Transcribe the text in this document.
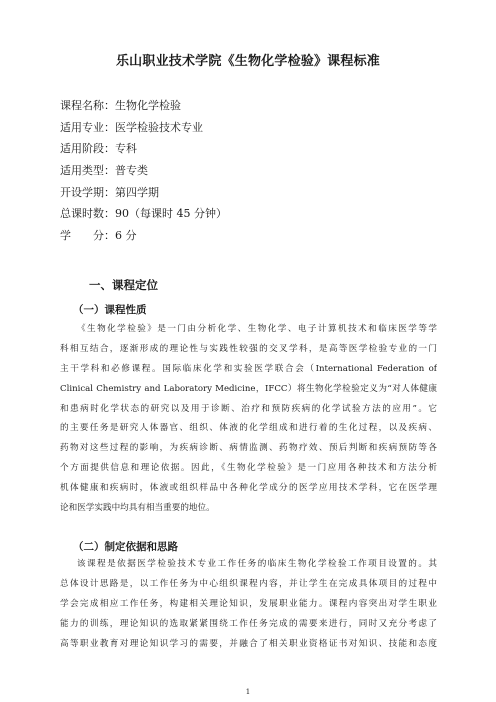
乐山职业技术学院《生物化学检验》课程标准
课程名称：生物化学检验
适用专业：医学检验技术专业
适用阶段：专科
适用类型：普专类
开设学期：第四学期
总课时数：90（每课时 45 分钟）
学　　分：6 分
一、课程定位
（一）课程性质
《生物化学检验》是一门由分析化学、生物化学、电子计算机技术和临床医学等学
科相互结合，逐渐形成的理论性与实践性较强的交叉学科，是高等医学检验专业的一门
主干学科和必修课程。国际临床化学和实验医学联合会（International Federation of
Clinical Chemistry and Laboratory Medicine，IFCC）将生物化学检验定义为“对人体健康
和患病时化学状态的研究以及用于诊断、治疗和预防疾病的化学试验方法的应用”。它
的主要任务是研究人体器官、组织、体液的化学组成和进行着的生化过程，以及疾病、
药物对这些过程的影响，为疾病诊断、病情监测、药物疗效、预后判断和疾病预防等各
个方面提供信息和理论依据。因此，《生物化学检验》是一门应用各种技术和方法分析
机体健康和疾病时，体液或组织样品中各种化学成分的医学应用技术学科，它在医学理
论和医学实践中均具有相当重要的地位。
（二）制定依据和思路
该课程是依据医学检验技术专业工作任务的临床生物化学检验工作项目设置的。其
总体设计思路是，以工作任务为中心组织课程内容，并让学生在完成具体项目的过程中
学会完成相应工作任务，构建相关理论知识，发展职业能力。课程内容突出对学生职业
能力的训练，理论知识的选取紧紧围绕工作任务完成的需要来进行，同时又充分考虑了
高等职业教育对理论知识学习的需要，并融合了相关职业资格证书对知识、技能和态度
1
